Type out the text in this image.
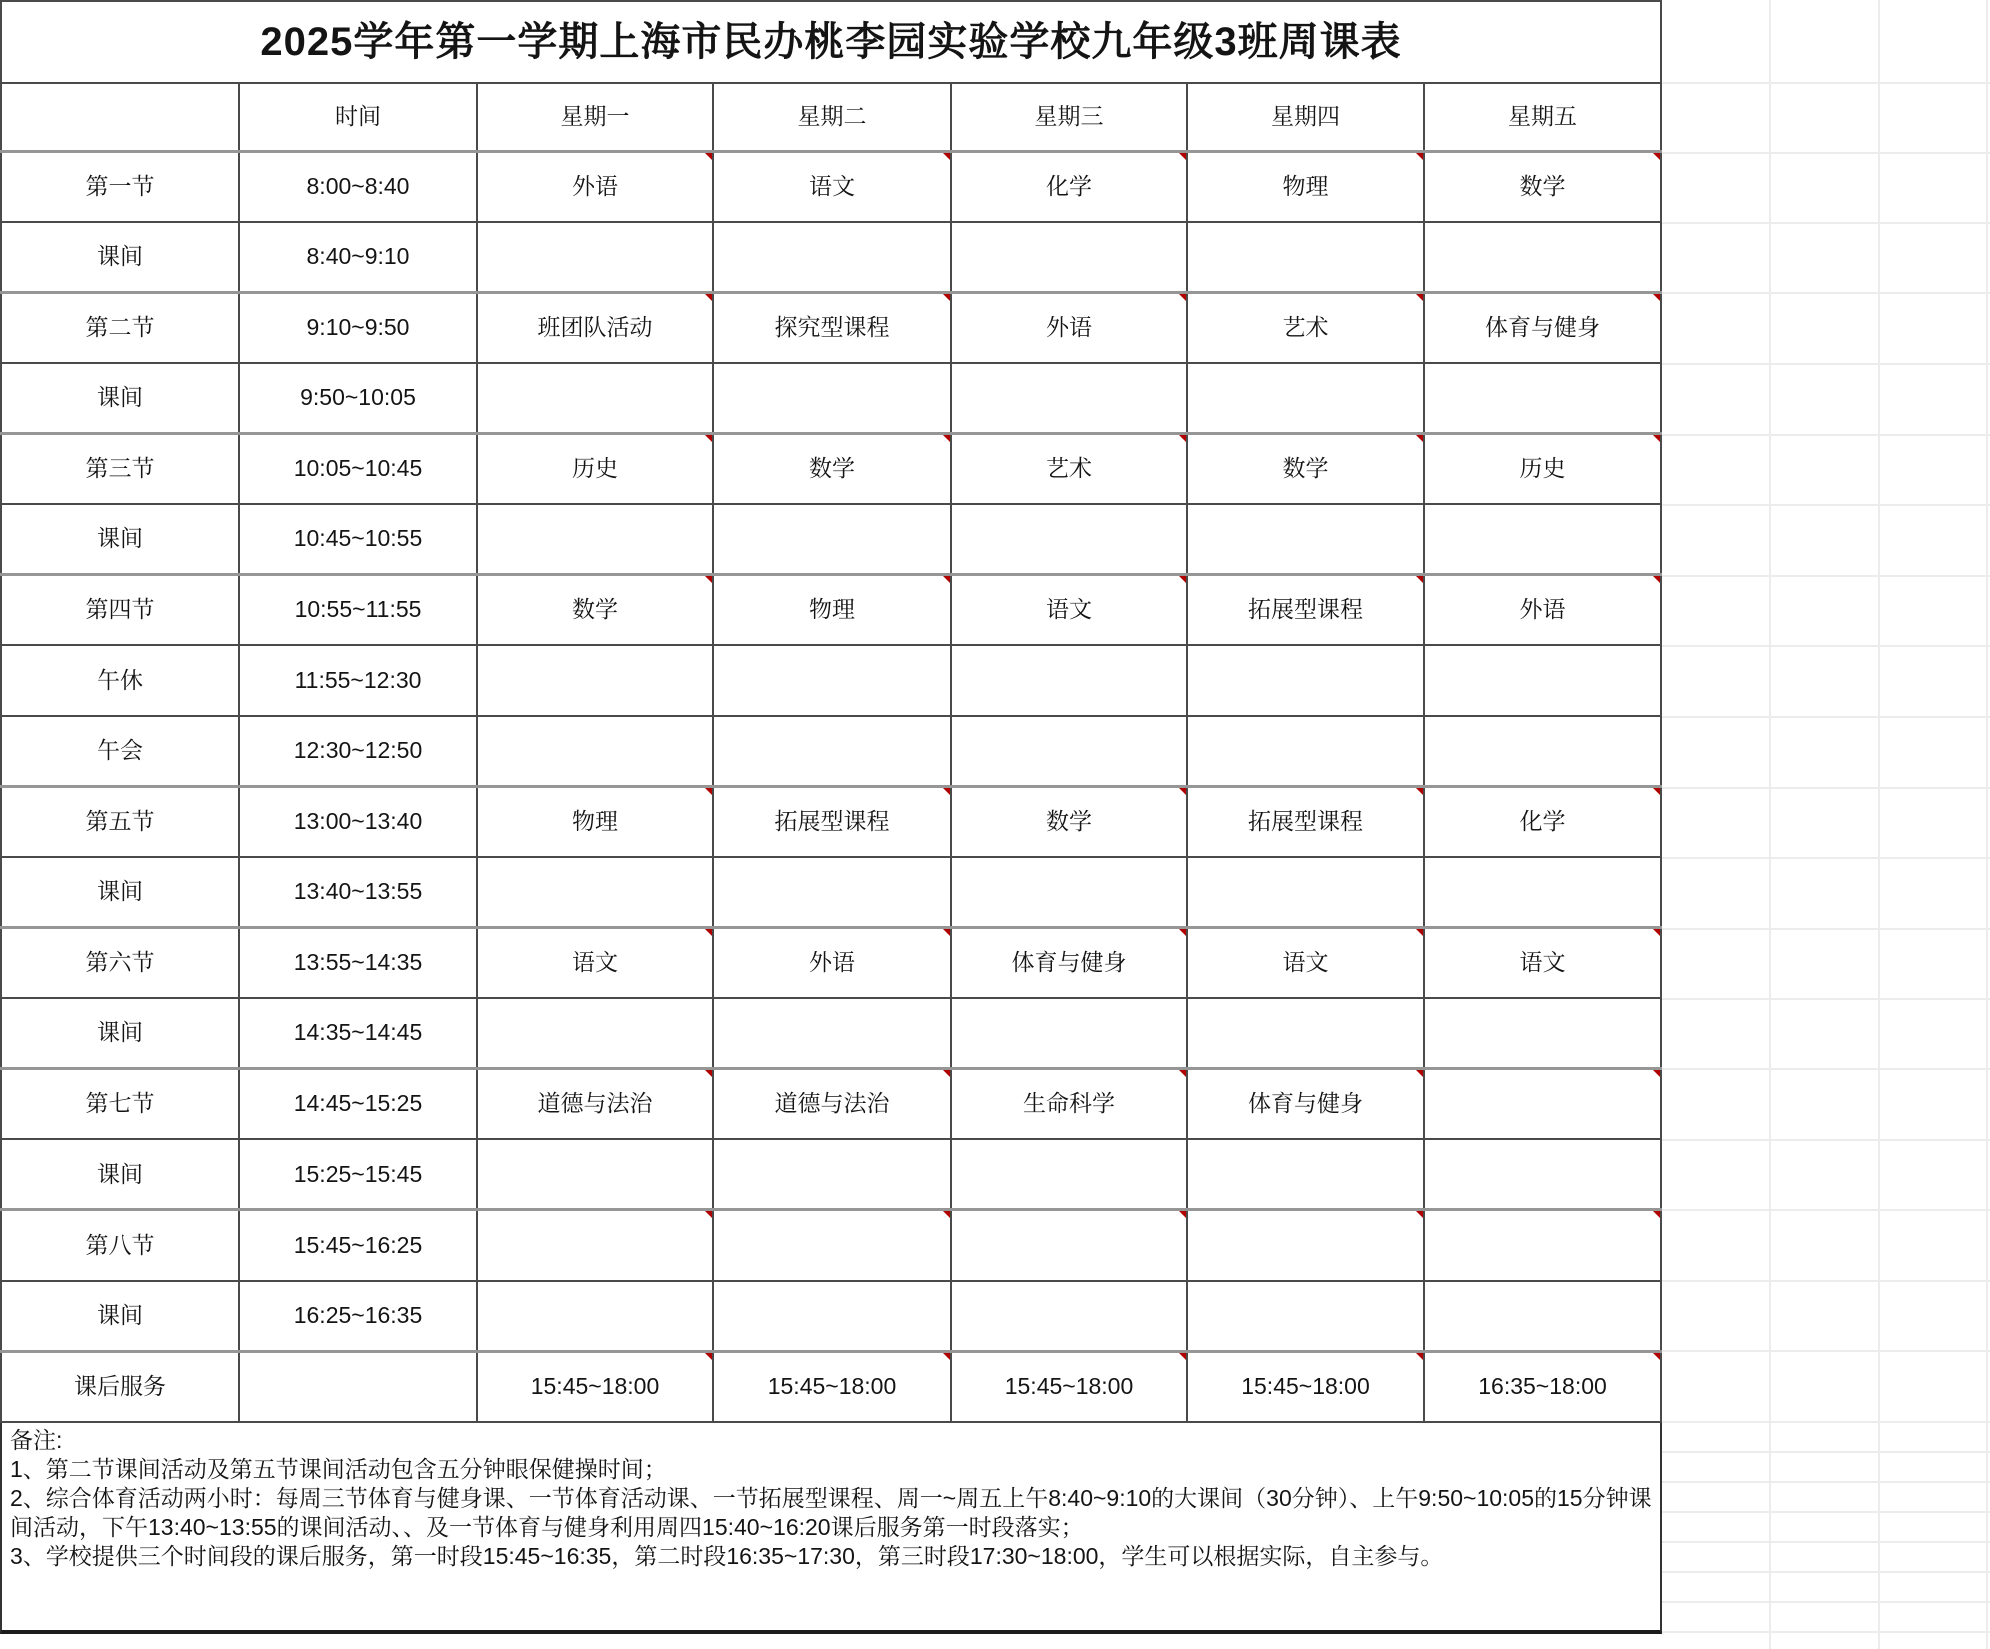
2025学年第一学期上海市民办桃李园实验学校九年级3班周课表						
	时间	星期一	星期二	星期三	星期四	星期五
第一节	8:00~8:40	外语	语文	化学	物理	数学

课间	8:40~9:10					
第二节	9:10~9:50	班团队活动	探究型课程	外语	艺术	体育与健身

课间	9:50~10:05					
第三节	10:05~10:45	历史	数学	艺术	数学	历史

课间	10:45~10:55					
第四节	10:55~11:55	数学	物理	语文	拓展型课程	外语

午休	11:55~12:30					
午会	12:30~12:50					
第五节	13:00~13:40	物理	拓展型课程	数学	拓展型课程	化学

课间	13:40~13:55					
第六节	13:55~14:35	语文	外语	体育与健身	语文	语文

课间	14:35~14:45					
第七节	14:45~15:25	道德与法治	道德与法治	生命科学	体育与健身

课间	15:25~15:45					
第八节	15:45~16:25	

课间	16:25~16:35					
课后服务		15:45~18:00	15:45~18:00	15:45~18:00	15:45~18:00	16:35~18:00
备注:
1、第二节课间活动及第五节课间活动包含五分钟眼保健操时间；
2、综合体育活动两小时：每周三节体育与健身课、一节体育活动课、一节拓展型课程、周一~周五上午8:40~9:10的大课间（30分钟）、上午9:50~10:05的15分钟课间活动，下午13:40~13:55的课间活动、、及一节体育与健身利用周四15:40~16:20课后服务第一时段落实；
3、学校提供三个时间段的课后服务，第一时段15:45~16:35，第二时段16:35~17:30，第三时段17:30~18:00，学生可以根据实际，自主参与。
